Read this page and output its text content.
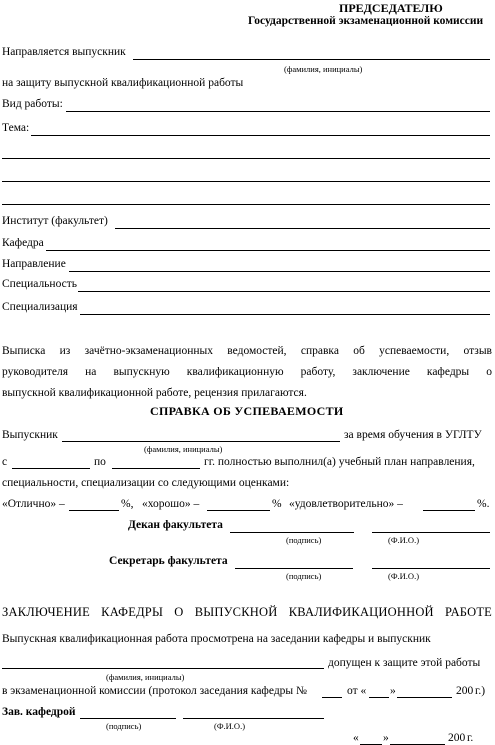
ПРЕДСЕДАТЕЛЮ
Государственной экзаменационной комиссии
Направляется выпускник
(фамилия, инициалы)
на защиту выпускной квалификационной работы
Вид работы:
Тема:
Институт (факультет)
Кафедра
Направление
Специальность
Специализация
Выписка из зачётно-экзаменационных ведомостей, справка об успеваемости, отзыв
руководителя на выпускную квалификационную работу, заключение кафедры о
выпускной квалификационной работе, рецензия прилагаются.
СПРАВКА ОБ УСПЕВАЕМОСТИ
Выпускник	за время обучения в УГЛТУ
(фамилия, инициалы)
с	по	гг. полностью выполнил(а) учебный план направления,
специальности, специализации со следующими оценками:
«Отлично» –	%, «хорошо» –	% «удовлетворительно» –	%.
Декан факультета
(подпись)	(Ф.И.О.)
Секретарь факультета
(подпись)	(Ф.И.О.)
ЗАКЛЮЧЕНИЕ КАФЕДРЫ О ВЫПУСКНОЙ КВАЛИФИКАЦИОННОЙ РАБОТЕ
Выпускная квалификационная работа просмотрена на заседании кафедры и выпускник
допущен к защите этой работы
(фамилия, инициалы)
в экзаменационной комиссии (протокол заседания кафедры №	от « »	200 г.)
Зав. кафедрой
(подпись)	(Ф.И.О.)
« »	200 г.
